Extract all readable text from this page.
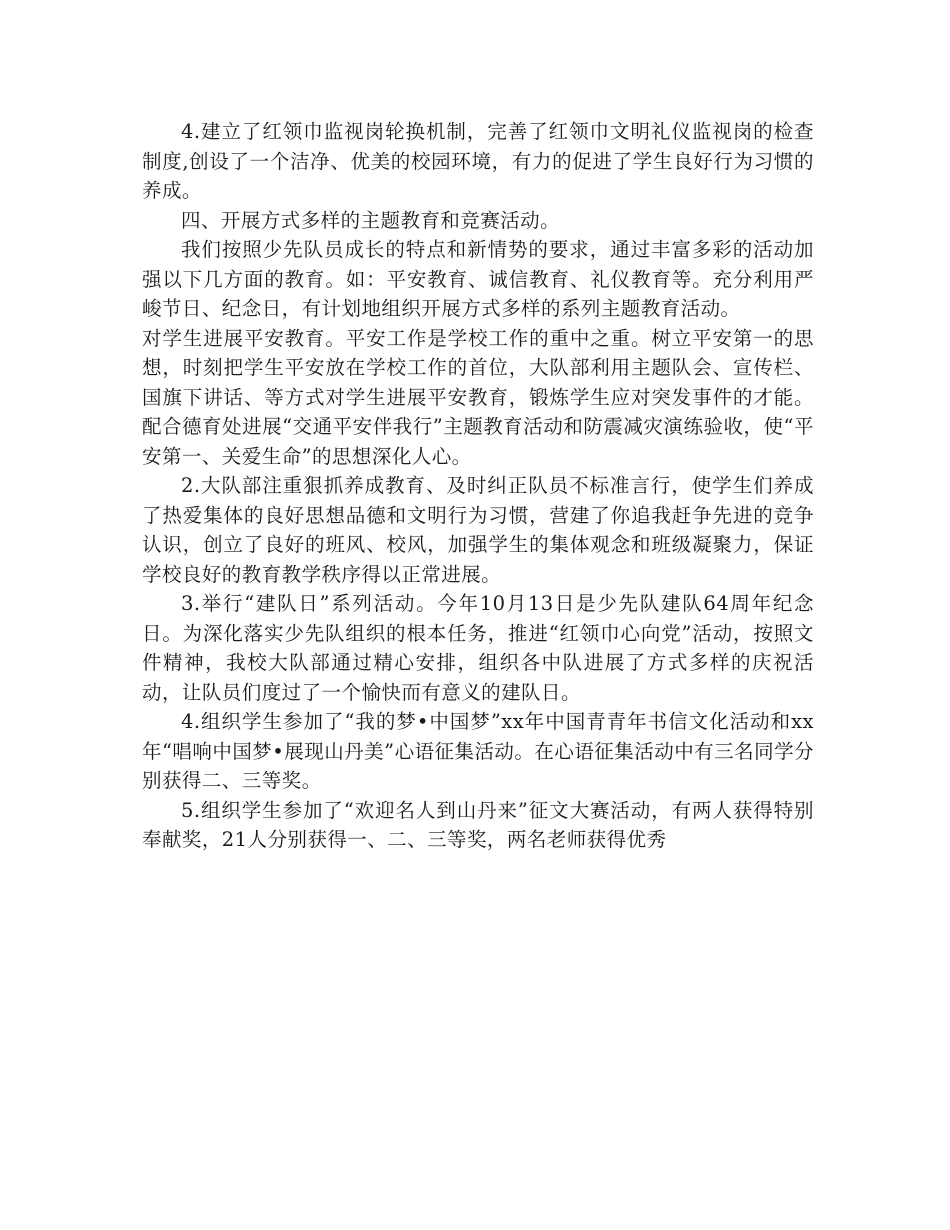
4.建立了红领巾监视岗轮换机制，完善了红领巾文明礼仪监视岗的检查制度,创设了一个洁净、优美的校园环境，有力的促进了学生良好行为习惯的养成。

四、开展方式多样的主题教育和竞赛活动。

我们按照少先队员成长的特点和新情势的要求，通过丰富多彩的活动加强以下几方面的教育。如：平安教育、诚信教育、礼仪教育等。充分利用严峻节日、纪念日，有计划地组织开展方式多样的系列主题教育活动。

对学生进展平安教育。平安工作是学校工作的重中之重。树立平安第一的思想，时刻把学生平安放在学校工作的首位，大队部利用主题队会、宣传栏、国旗下讲话、等方式对学生进展平安教育，锻炼学生应对突发事件的才能。配合德育处进展“交通平安伴我行”主题教育活动和防震减灾演练验收，使“平安第一、关爱生命”的思想深化人心。

2.大队部注重狠抓养成教育、及时纠正队员不标准言行，使学生们养成了热爱集体的良好思想品德和文明行为习惯，营建了你追我赶争先进的竞争认识，创立了良好的班风、校风，加强学生的集体观念和班级凝聚力，保证学校良好的教育教学秩序得以正常进展。

3.举行“建队日”系列活动。今年10月13日是少先队建队64周年纪念日。为深化落实少先队组织的根本任务，推进“红领巾心向党”活动，按照文件精神，我校大队部通过精心安排，组织各中队进展了方式多样的庆祝活动，让队员们度过了一个愉快而有意义的建队日。

4.组织学生参加了“我的梦•中国梦”xx年中国青青年书信文化活动和xx年“唱响中国梦•展现山丹美”心语征集活动。在心语征集活动中有三名同学分别获得二、三等奖。

5.组织学生参加了“欢迎名人到山丹来”征文大赛活动，有两人获得特别奉献奖，21人分别获得一、二、三等奖，两名老师获得优秀
